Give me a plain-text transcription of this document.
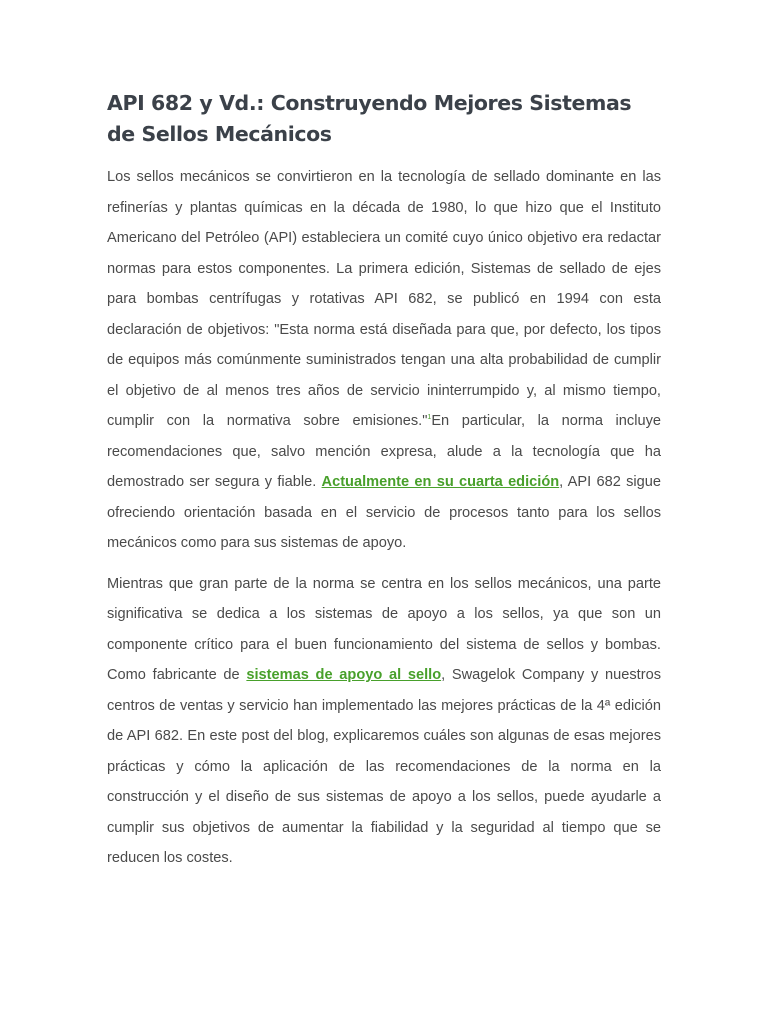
API 682 y Vd.: Construyendo Mejores Sistemas de Sellos Mecánicos

Los sellos mecánicos se convirtieron en la tecnología de sellado dominante en las refinerías y plantas químicas en la década de 1980, lo que hizo que el Instituto Americano del Petróleo (API) estableciera un comité cuyo único objetivo era redactar normas para estos componentes. La primera edición, Sistemas de sellado de ejes para bombas centrífugas y rotativas API 682, se publicó en 1994 con esta declaración de objetivos: "Esta norma está diseñada para que, por defecto, los tipos de equipos más comúnmente suministrados tengan una alta probabilidad de cumplir el objetivo de al menos tres años de servicio ininterrumpido y, al mismo tiempo, cumplir con la normativa sobre emisiones."$^1$En particular, la norma incluye recomendaciones que, salvo mención expresa, alude a la tecnología que ha demostrado ser segura y fiable. Actualmente en su cuarta edición, API 682 sigue ofreciendo orientación basada en el servicio de procesos tanto para los sellos mecánicos como para sus sistemas de apoyo.

Mientras que gran parte de la norma se centra en los sellos mecánicos, una parte significativa se dedica a los sistemas de apoyo a los sellos, ya que son un componente crítico para el buen funcionamiento del sistema de sellos y bombas. Como fabricante de sistemas de apoyo al sello, Swagelok Company y nuestros centros de ventas y servicio han implementado las mejores prácticas de la 4ª edición de API 682. En este post del blog, explicaremos cuáles son algunas de esas mejores prácticas y cómo la aplicación de las recomendaciones de la norma en la construcción y el diseño de sus sistemas de apoyo a los sellos, puede ayudarle a cumplir sus objetivos de aumentar la fiabilidad y la seguridad al tiempo que se reducen los costes.
